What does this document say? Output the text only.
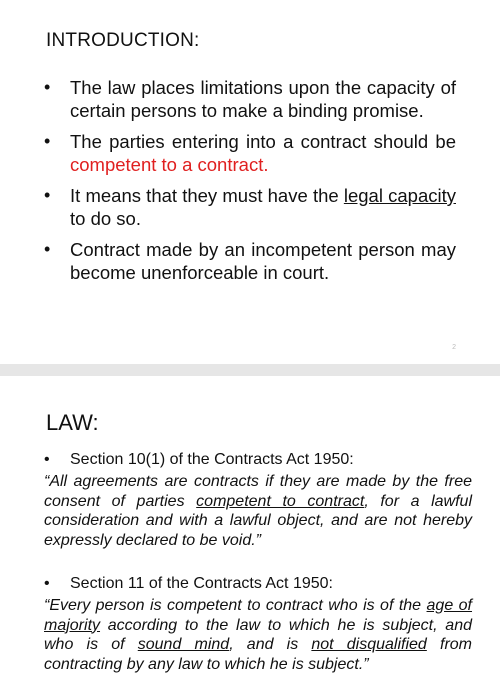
INTRODUCTION:
• The law places limitations upon the capacity of certain persons to make a binding promise.
• The parties entering into a contract should be competent to a contract.
• It means that they must have the legal capacity to do so.
• Contract made by an incompetent person may become unenforceable in court.
2
LAW:
• Section 10(1) of the Contracts Act 1950:
“All agreements are contracts if they are made by the free consent of parties competent to contract, for a lawful consideration and with a lawful object, and are not hereby expressly declared to be void.”
• Section 11 of the Contracts Act 1950:
“Every person is competent to contract who is of the age of majority according to the law to which he is subject, and who is of sound mind, and is not disqualified from contracting by any law to which he is subject.”
